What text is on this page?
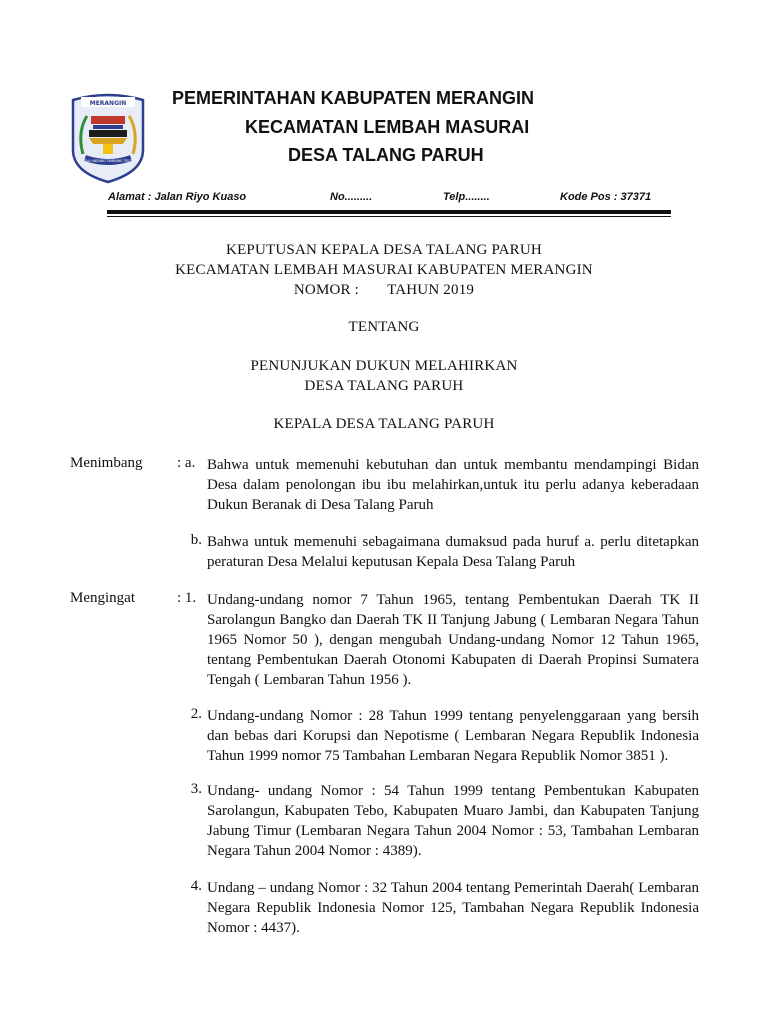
MERANGIN
TALI UNDANG TAMBANG TELIT
PEMERINTAHAN KABUPATEN MERANGIN
KECAMATAN LEMBAH MASURAI
DESA TALANG PARUH
Alamat : Jalan Riyo Kuaso	No.........	Telp........	Kode Pos : 37371
KEPUTUSAN KEPALA DESA TALANG PARUH
KECAMATAN LEMBAH MASURAI KABUPATEN MERANGIN
NOMOR : TAHUN 2019
TENTANG
PENUNJUKAN DUKUN MELAHIRKAN
DESA TALANG PARUH
KEPALA DESA TALANG PARUH
Menimbang : a. Bahwa untuk memenuhi kebutuhan dan untuk membantu mendampingi Bidan Desa dalam penolongan ibu ibu melahirkan,untuk itu perlu adanya keberadaan Dukun Beranak di Desa Talang Paruh
b. Bahwa untuk memenuhi sebagaimana dumaksud pada huruf a. perlu ditetapkan peraturan Desa Melalui keputusan Kepala Desa Talang Paruh
Mengingat	: 1. Undang-undang nomor 7 Tahun 1965, tentang Pembentukan Daerah TK II Sarolangun Bangko dan Daerah TK II Tanjung Jabung ( Lembaran Negara Tahun 1965 Nomor 50 ), dengan mengubah Undang-undang Nomor 12 Tahun 1965, tentang Pembentukan Daerah Otonomi Kabupaten di Daerah Propinsi Sumatera Tengah ( Lembaran Tahun 1956 ).
2. Undang-undang Nomor : 28 Tahun 1999 tentang penyelenggaraan yang bersih dan bebas dari Korupsi dan Nepotisme ( Lembaran Negara Republik Indonesia Tahun 1999 nomor 75 Tambahan Lembaran Negara Republik Nomor 3851 ).
3. Undang- undang Nomor : 54 Tahun 1999 tentang Pembentukan Kabupaten Sarolangun, Kabupaten Tebo, Kabupaten Muaro Jambi, dan Kabupaten Tanjung Jabung Timur (Lembaran Negara Tahun 2004 Nomor : 53, Tambahan Lembaran Negara Tahun 2004 Nomor : 4389).
4. Undang – undang Nomor : 32 Tahun 2004 tentang Pemerintah Daerah( Lembaran Negara Republik Indonesia Nomor 125, Tambahan Negara Republik Indonesia Nomor : 4437).
